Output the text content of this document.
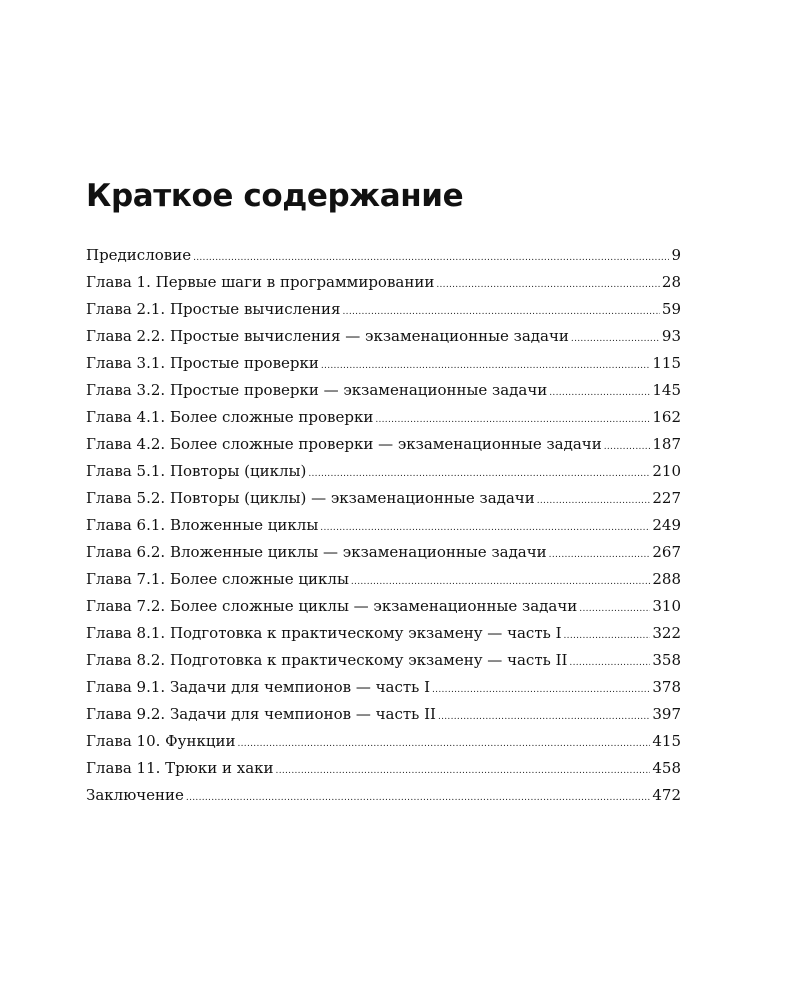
Краткое содержание
Предисловие .....	9
Глава 1. Первые шаги в программировании .....	28
Глава 2.1. Простые вычисления .....	59
Глава 2.2. Простые вычисления — экзаменационные задачи .....	93
Глава 3.1. Простые проверки .....	115
Глава 3.2. Простые проверки — экзаменационные задачи .....	145
Глава 4.1. Более сложные проверки .....	162
Глава 4.2. Более сложные проверки — экзаменационные задачи .....	187
Глава 5.1. Повторы (циклы) .....	210
Глава 5.2. Повторы (циклы) — экзаменационные задачи .....	227
Глава 6.1. Вложенные циклы .....	249
Глава 6.2. Вложенные циклы — экзаменационные задачи .....	267
Глава 7.1. Более сложные циклы .....	288
Глава 7.2. Более сложные циклы — экзаменационные задачи .....	310
Глава 8.1. Подготовка к практическому экзамену — часть I .....	322
Глава 8.2. Подготовка к практическому экзамену — часть II .....	358
Глава 9.1. Задачи для чемпионов — часть I .....	378
Глава 9.2. Задачи для чемпионов — часть II .....	397
Глава 10. Функции .....	415
Глава 11. Трюки и хаки .....	458
Заключение .....	472
